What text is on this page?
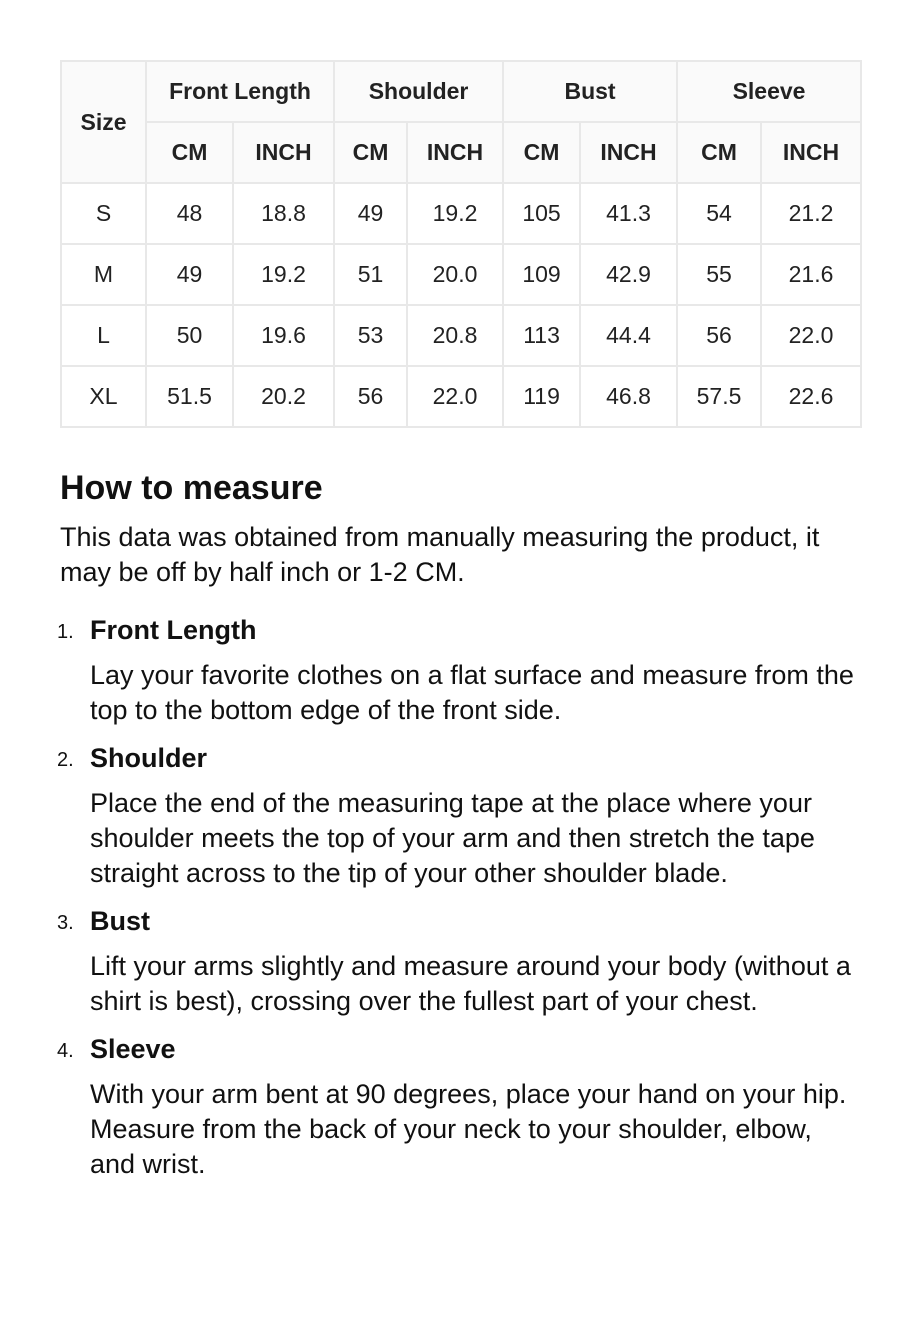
Size	Front Length		Shoulder		Bust		Sleeve	
	CM	INCH	CM	INCH	CM	INCH	CM	INCH
S	48	18.8	49	19.2	105	41.3	54	21.2
M	49	19.2	51	20.0	109	42.9	55	21.6
L	50	19.6	53	20.8	113	44.4	56	22.0
XL	51.5	20.2	56	22.0	119	46.8	57.5	22.6
How to measure

This data was obtained from manually measuring the product, it may be off by half inch or 1-2 CM.

1. Front Length
Lay your favorite clothes on a flat surface and measure from the top to the bottom edge of the front side.
2. Shoulder
Place the end of the measuring tape at the place where your shoulder meets the top of your arm and then stretch the tape straight across to the tip of your other shoulder blade.
3. Bust
Lift your arms slightly and measure around your body (without a shirt is best), crossing over the fullest part of your chest.
4. Sleeve
With your arm bent at 90 degrees, place your hand on your hip. Measure from the back of your neck to your shoulder, elbow, and wrist.
